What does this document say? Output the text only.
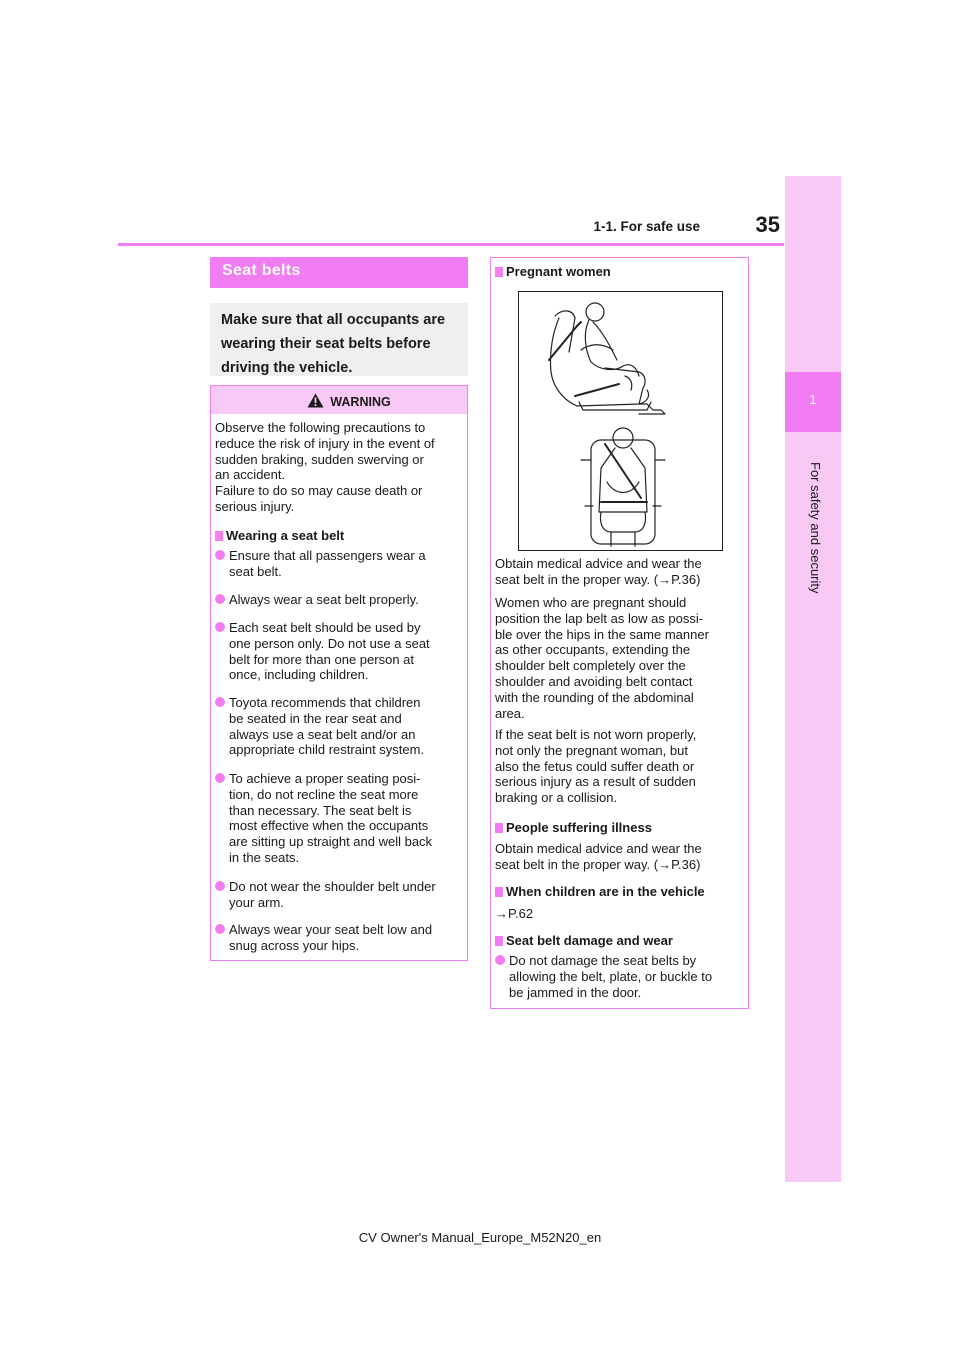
1-1. For safe use	35
1
For safety and security
Seat belts

Make sure that all occupants are wearing their seat belts before driving the vehicle.

WARNING
Observe the following precautions to
reduce the risk of injury in the event of
sudden braking, sudden swerving or
an accident.
Failure to do so may cause death or
serious injury.

Wearing a seat belt

Ensure that all passengers wear a
seat belt.
Always wear a seat belt properly.
Each seat belt should be used by
one person only. Do not use a seat
belt for more than one person at
once, including children.
Toyota recommends that children
be seated in the rear seat and
always use a seat belt and/or an
appropriate child restraint system.
To achieve a proper seating posi-
tion, do not recline the seat more
than necessary. The seat belt is
most effective when the occupants
are sitting up straight and well back
in the seats.
Do not wear the shoulder belt under
your arm.
Always wear your seat belt low and
snug across your hips.

Pregnant women

Obtain medical advice and wear the
seat belt in the proper way. (→P.36)
Women who are pregnant should
position the lap belt as low as possi-
ble over the hips in the same manner
as other occupants, extending the
shoulder belt completely over the
shoulder and avoiding belt contact
with the rounding of the abdominal
area.
If the seat belt is not worn properly,
not only the pregnant woman, but
also the fetus could suffer death or
serious injury as a result of sudden
braking or a collision.

People suffering illness

Obtain medical advice and wear the
seat belt in the proper way. (→P.36)

When children are in the vehicle

→P.62

Seat belt damage and wear

Do not damage the seat belts by
allowing the belt, plate, or buckle to
be jammed in the door.
CV Owner's Manual_Europe_M52N20_en
